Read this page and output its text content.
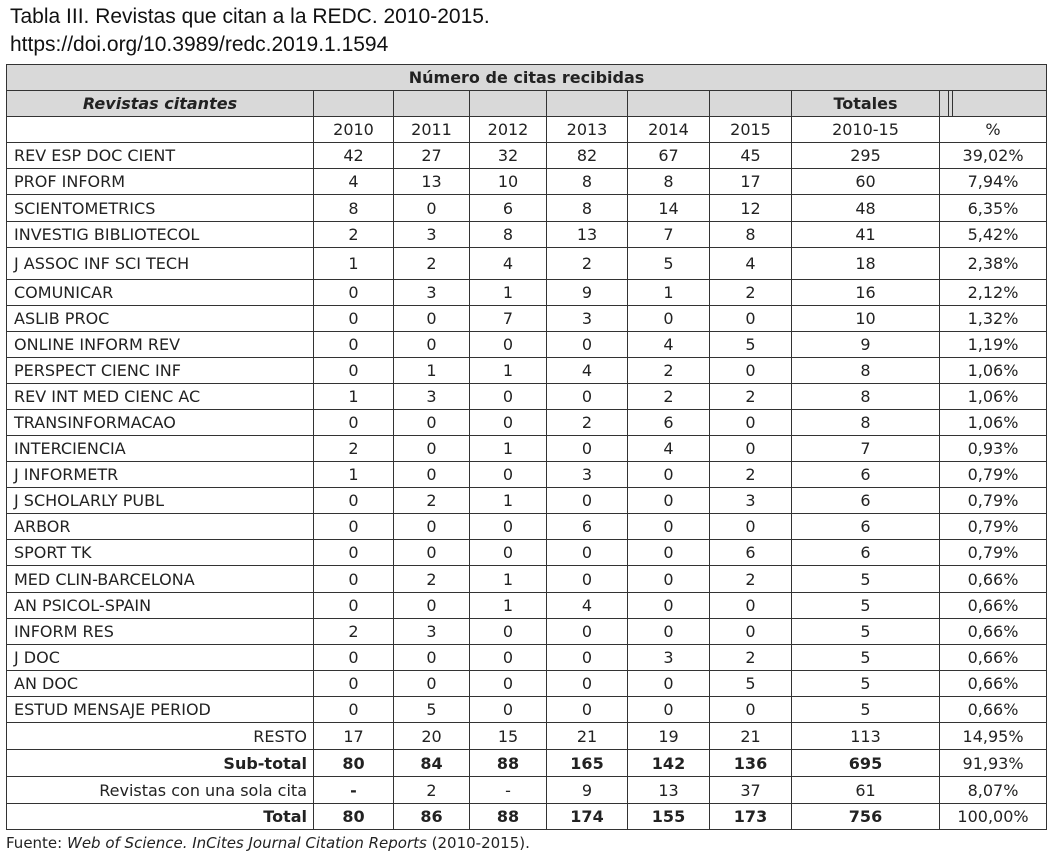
Tabla III. Revistas que citan a la REDC. 2010-2015.
https://doi.org/10.3989/redc.2019.1.1594
Número de citas recibidas								
Revistas citantes							Totales	

	2010	2011	2012	2013	2014	2015	2010-15	%
REV ESP DOC CIENT	42	27	32	82	67	45	295	39,02%
PROF INFORM	4	13	10	8	8	17	60	7,94%
SCIENTOMETRICS	8	0	6	8	14	12	48	6,35%
INVESTIG BIBLIOTECOL	2	3	8	13	7	8	41	5,42%
J ASSOC INF SCI TECH	1	2	4	2	5	4	18	2,38%
COMUNICAR	0	3	1	9	1	2	16	2,12%
ASLIB PROC	0	0	7	3	0	0	10	1,32%
ONLINE INFORM REV	0	0	0	0	4	5	9	1,19%
PERSPECT CIENC INF	0	1	1	4	2	0	8	1,06%
REV INT MED CIENC AC	1	3	0	0	2	2	8	1,06%
TRANSINFORMACAO	0	0	0	2	6	0	8	1,06%
INTERCIENCIA	2	0	1	0	4	0	7	0,93%
J INFORMETR	1	0	0	3	0	2	6	0,79%
J SCHOLARLY PUBL	0	2	1	0	0	3	6	0,79%
ARBOR	0	0	0	6	0	0	6	0,79%
SPORT TK	0	0	0	0	0	6	6	0,79%
MED CLIN-BARCELONA	0	2	1	0	0	2	5	0,66%
AN PSICOL-SPAIN	0	0	1	4	0	0	5	0,66%
INFORM RES	2	3	0	0	0	0	5	0,66%
J DOC	0	0	0	0	3	2	5	0,66%
AN DOC	0	0	0	0	0	5	5	0,66%
ESTUD MENSAJE PERIOD	0	5	0	0	0	0	5	0,66%
RESTO	17	20	15	21	19	21	113	14,95%
Sub-total	80	84	88	165	142	136	695	91,93%
Revistas con una sola cita	-	2	-	9	13	37	61	8,07%
Total	80	86	88	174	155	173	756	100,00%
Fuente: Web of Science. InCites Journal Citation Reports (2010-2015).
